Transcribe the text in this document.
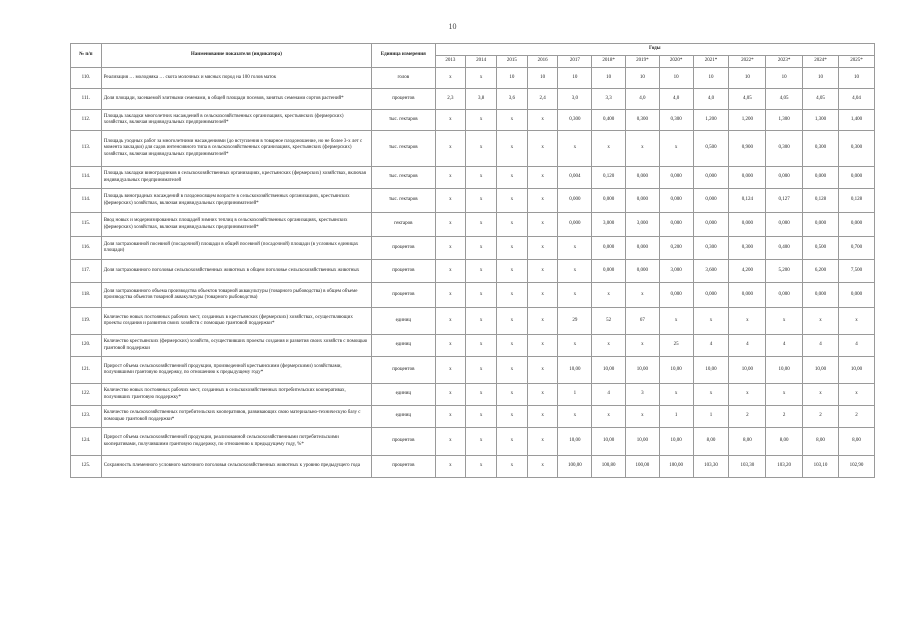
10
№ п/п	Наименование показателя (индикатора)	Единица измерения	Годы												
			2013	2014	2015	2016	2017	2018*	2019*	2020*	2021*	2022*	2023*	2024*	2025*
110.	Реализация … молодняка … скота молочных и мясных пород на 100 голов маток	голов	x	x	10	10	10	10	10	10	10	10	10	10	10
111.	Доля площади, засеваемой элитными семенами, в общей площади посевов, занятых семенами сортов растений*	процентов	2,3	3,8	3,6	2,4	3,0	3,3	4,0	4,0	4,0	4,05	4,05	4,05	4,04
112.	Площадь закладки многолетних насаждений в сельскохозяйственных организациях, крестьянских (фермерских) хозяйствах, включая индивидуальных предпринимателей*	тыс. гектаров	x	x	x	x	0,300	0,400	0,300	0,300	1,200	1,200	1,300	1,300	1,400
113.	Площадь уходных работ за многолетними насаждениями (до вступления в товарное плодоношение, но не более 3-х лет с момента закладки) для садов интенсивного типа в сельскохозяйственных организациях, крестьянских (фермерских) хозяйствах, включая индивидуальных предпринимателей*	тыс. гектаров	x	x	x	x	x	x	x	x	0,500	0,900	0,300	0,300	0,300
114.	Площадь закладки виноградников в сельскохозяйственных организациях, крестьянских (фермерских) хозяйствах, включая индивидуальных предпринимателей	тыс. гектаров	x	x	x	x	0,004	0,120	0,000	0,000	0,000	0,000	0,000	0,000	0,000
114.	Площадь виноградных насаждений в плодоносящем возрасте в сельскохозяйственных организациях, крестьянских (фермерских) хозяйствах, включая индивидуальных предпринимателей*	тыс. гектаров	x	x	x	x	0,000	0,000	0,000	0,000	0,000	0,124	0,127	0,128	0,128
115.	Ввод новых и модернизированных площадей зимних теплиц в сельскохозяйственных организациях, крестьянских (фермерских) хозяйствах, включая индивидуальных предпринимателей*	гектаров	x	x	x	x	0,000	3,000	3,000	0,000	0,000	0,000	0,000	0,000	0,000
116.	Доля застрахованной посевной (посадочной) площади в общей посевной (посадочной) площади (в условных единицах площади)	процентов	x	x	x	x	x	0,000	0,000	0,200	0,300	0,300	0,400	0,500	0,700
117.	Доля застрахованного поголовья сельскохозяйственных животных в общем поголовье сельскохозяйственных животных	процентов	x	x	x	x	x	0,000	0,000	3,000	3,600	4,200	5,200	6,200	7,500
118.	Доля застрахованного объема производства объектов товарной аквакультуры (товарного рыбоводства) в общем объеме производства объектов товарной аквакультуры (товарного рыбоводства)	процентов	x	x	x	x	x	x	x	0,000	0,000	0,000	0,000	0,000	0,000
119.	Количество новых постоянных рабочих мест, созданных в крестьянских (фермерских) хозяйствах, осуществляющих проекты создания и развития своих хозяйств с помощью грантовой поддержки*	единиц	x	x	x	x	29	52	67	x	x	x	x	x	x
120.	Количество крестьянских (фермерских) хозяйств, осуществивших проекты создания и развития своих хозяйств с помощью грантовой поддержки	единиц	x	x	x	x	x	x	x	25	4	4	4	4	4
121.	Прирост объема сельскохозяйственной продукции, произведенной крестьянскими (фермерскими) хозяйствами, получившими грантовую поддержку, по отношению к предыдущему году*	процентов	x	x	x	x	10,00	10,00	10,00	10,00	10,00	10,00	10,00	10,00	10,00
122.	Количество новых постоянных рабочих мест, созданных в сельскохозяйственных потребительских кооперативах, получивших грантовую поддержку*	единиц	x	x	x	x	1	4	3	x	x	x	x	x	x
123.	Количество сельскохозяйственных потребительских кооперативов, развивающих свою материально-техническую базу с помощью грантовой поддержки*	единиц	x	x	x	x	x	x	x	1	1	2	2	2	2
124.	Прирост объема сельскохозяйственной продукции, реализованной сельскохозяйственными потребительскими кооперативами, получившими грантовую поддержку, по отношению к предыдущему году, %*	процентов	x	x	x	x	10,00	10,00	10,00	10,00	8,00	8,00	8,00	8,00	8,00
125.	Сохранность племенного условного маточного поголовья сельскохозяйственных животных к уровню предыдущего года	процентов	x	x	x	x	100,00	100,80	100,00	100,00	103,30	103,30	103,20	103,10	102,90
